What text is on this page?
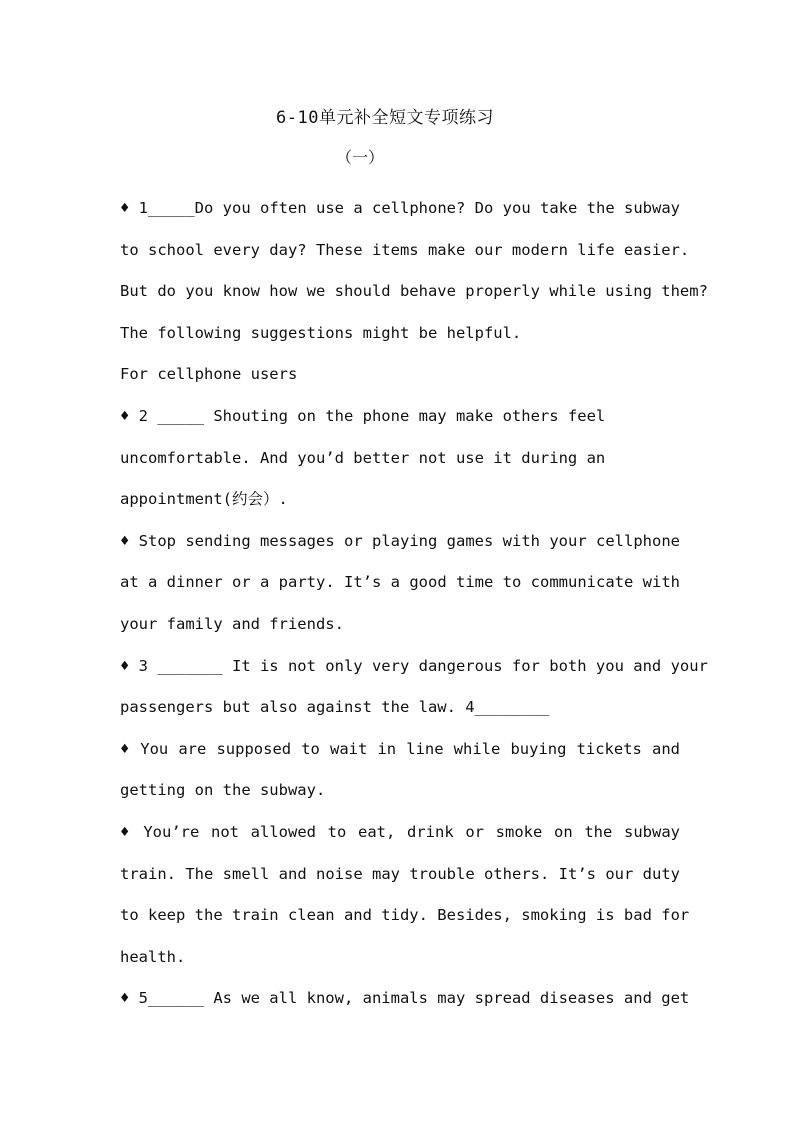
6-10单元补全短文专项练习
（一）
♦ 1_____Do you often use a cellphone? Do you take the subway
to school every day? These items make our modern life easier.
But do you know how we should behave properly while using them?
The following suggestions might be helpful.
For cellphone users
♦ 2 _____ Shouting on the phone may make others feel
uncomfortable. And you’d better not use it during an
appointment(约会）.
♦ Stop sending messages or playing games with your cellphone
at a dinner or a party. It’s a good time to communicate with
your family and friends.
♦ 3 _______ It is not only very dangerous for both you and your
passengers but also against the law. 4________
♦ You are supposed to wait in line while buying tickets and
getting on the subway.
♦ You’re not allowed to eat, drink or smoke on the subway
train. The smell and noise may trouble others. It’s our duty
to keep the train clean and tidy. Besides, smoking is bad for
health.
♦ 5______ As we all know, animals may spread diseases and get
